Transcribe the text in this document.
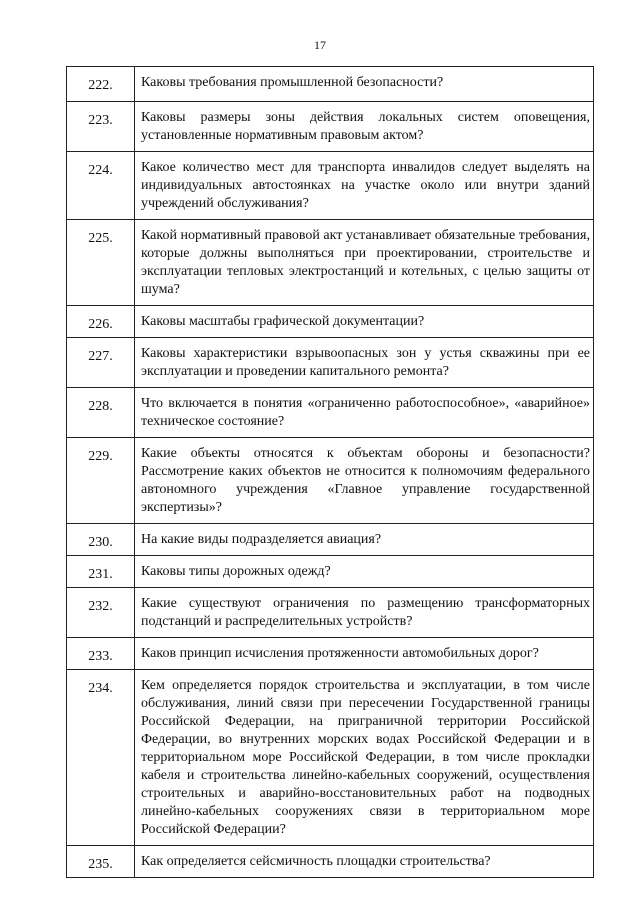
17
222.	Каковы требования промышленной безопасности?
223.	Каковы размеры зоны действия локальных систем оповещения, установленные нормативным правовым актом?
224.	Какое количество мест для транспорта инвалидов следует выделять на индивидуальных автостоянках на участке около или внутри зданий учреждений обслуживания?
225.	Какой нормативный правовой акт устанавливает обязательные требования, которые должны выполняться при проектировании, строительстве и эксплуатации тепловых электростанций и котельных, с целью защиты от шума?
226.	Каковы масштабы графической документации?
227.	Каковы характеристики взрывоопасных зон у устья скважины при ее эксплуатации и проведении капитального ремонта?
228.	Что включается в понятия «ограниченно работоспособное», «аварийное» техническое состояние?
229.	Какие объекты относятся к объектам обороны и безопасности? Рассмотрение каких объектов не относится к полномочиям федерального автономного учреждения «Главное управление государственной экспертизы»?
230.	На какие виды подразделяется авиация?
231.	Каковы типы дорожных одежд?
232.	Какие существуют ограничения по размещению трансформаторных подстанций и распределительных устройств?
233.	Каков принцип исчисления протяженности автомобильных дорог?
234.	Кем определяется порядок строительства и эксплуатации, в том числе обслуживания, линий связи при пересечении Государственной границы Российской Федерации, на приграничной территории Российской Федерации, во внутренних морских водах Российской Федерации и в территориальном море Российской Федерации, в том числе прокладки кабеля и строительства линейно-кабельных сооружений, осуществления строительных и аварийно-восстановительных работ на подводных линейно-кабельных сооружениях связи в территориальном море Российской Федерации?
235.	Как определяется сейсмичность площадки строительства?
